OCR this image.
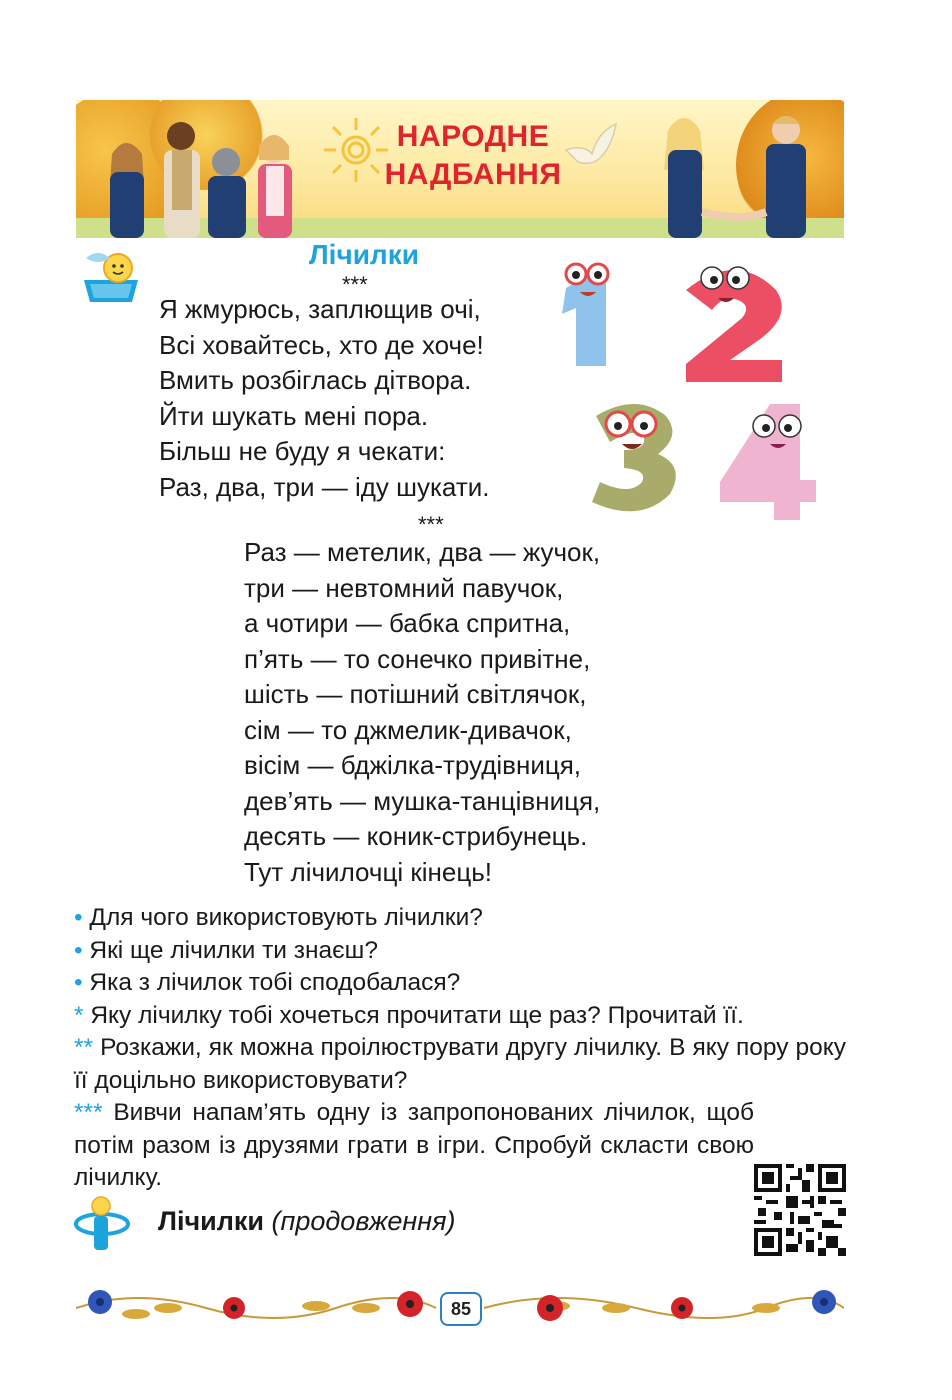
НАРОДНЕ
НАДБАННЯ
Лічилки
***
Я жмурюсь, заплющив очі,
Всі ховайтесь, хто де хоче!
Вмить розбіглась дітвора.
Йти шукать мені пора.
Більш не буду я чекати:
Раз, два, три — іду шукати.
1
***
Раз — метелик, два — жучок,
три — невтомний павучок,
а чотири — бабка спритна,
п’ять — то сонечко привітне,
шість — потішний світлячок,
сім — то джмелик-дивачок,
вісім — бджілка-трудівниця,
дев’ять — мушка-танцівниця,
десять — коник-стрибунець.
Тут лічилочці кінець!
• Для чого використовують лічилки?
• Які ще лічилки ти знаєш?
• Яка з лічилок тобі сподобалася?
* Яку лічилку тобі хочеться прочитати ще раз? Прочитай її.
** Розкажи, як можна проілюструвати другу лічилку. В яку пору року її доцільно використовувати?
*** Вивчи напам’ять одну із запропонованих лічилок, щоб потім разом із друзями грати в ігри. Спробуй скласти свою лічилку.
Лічилки (продовження)
85
